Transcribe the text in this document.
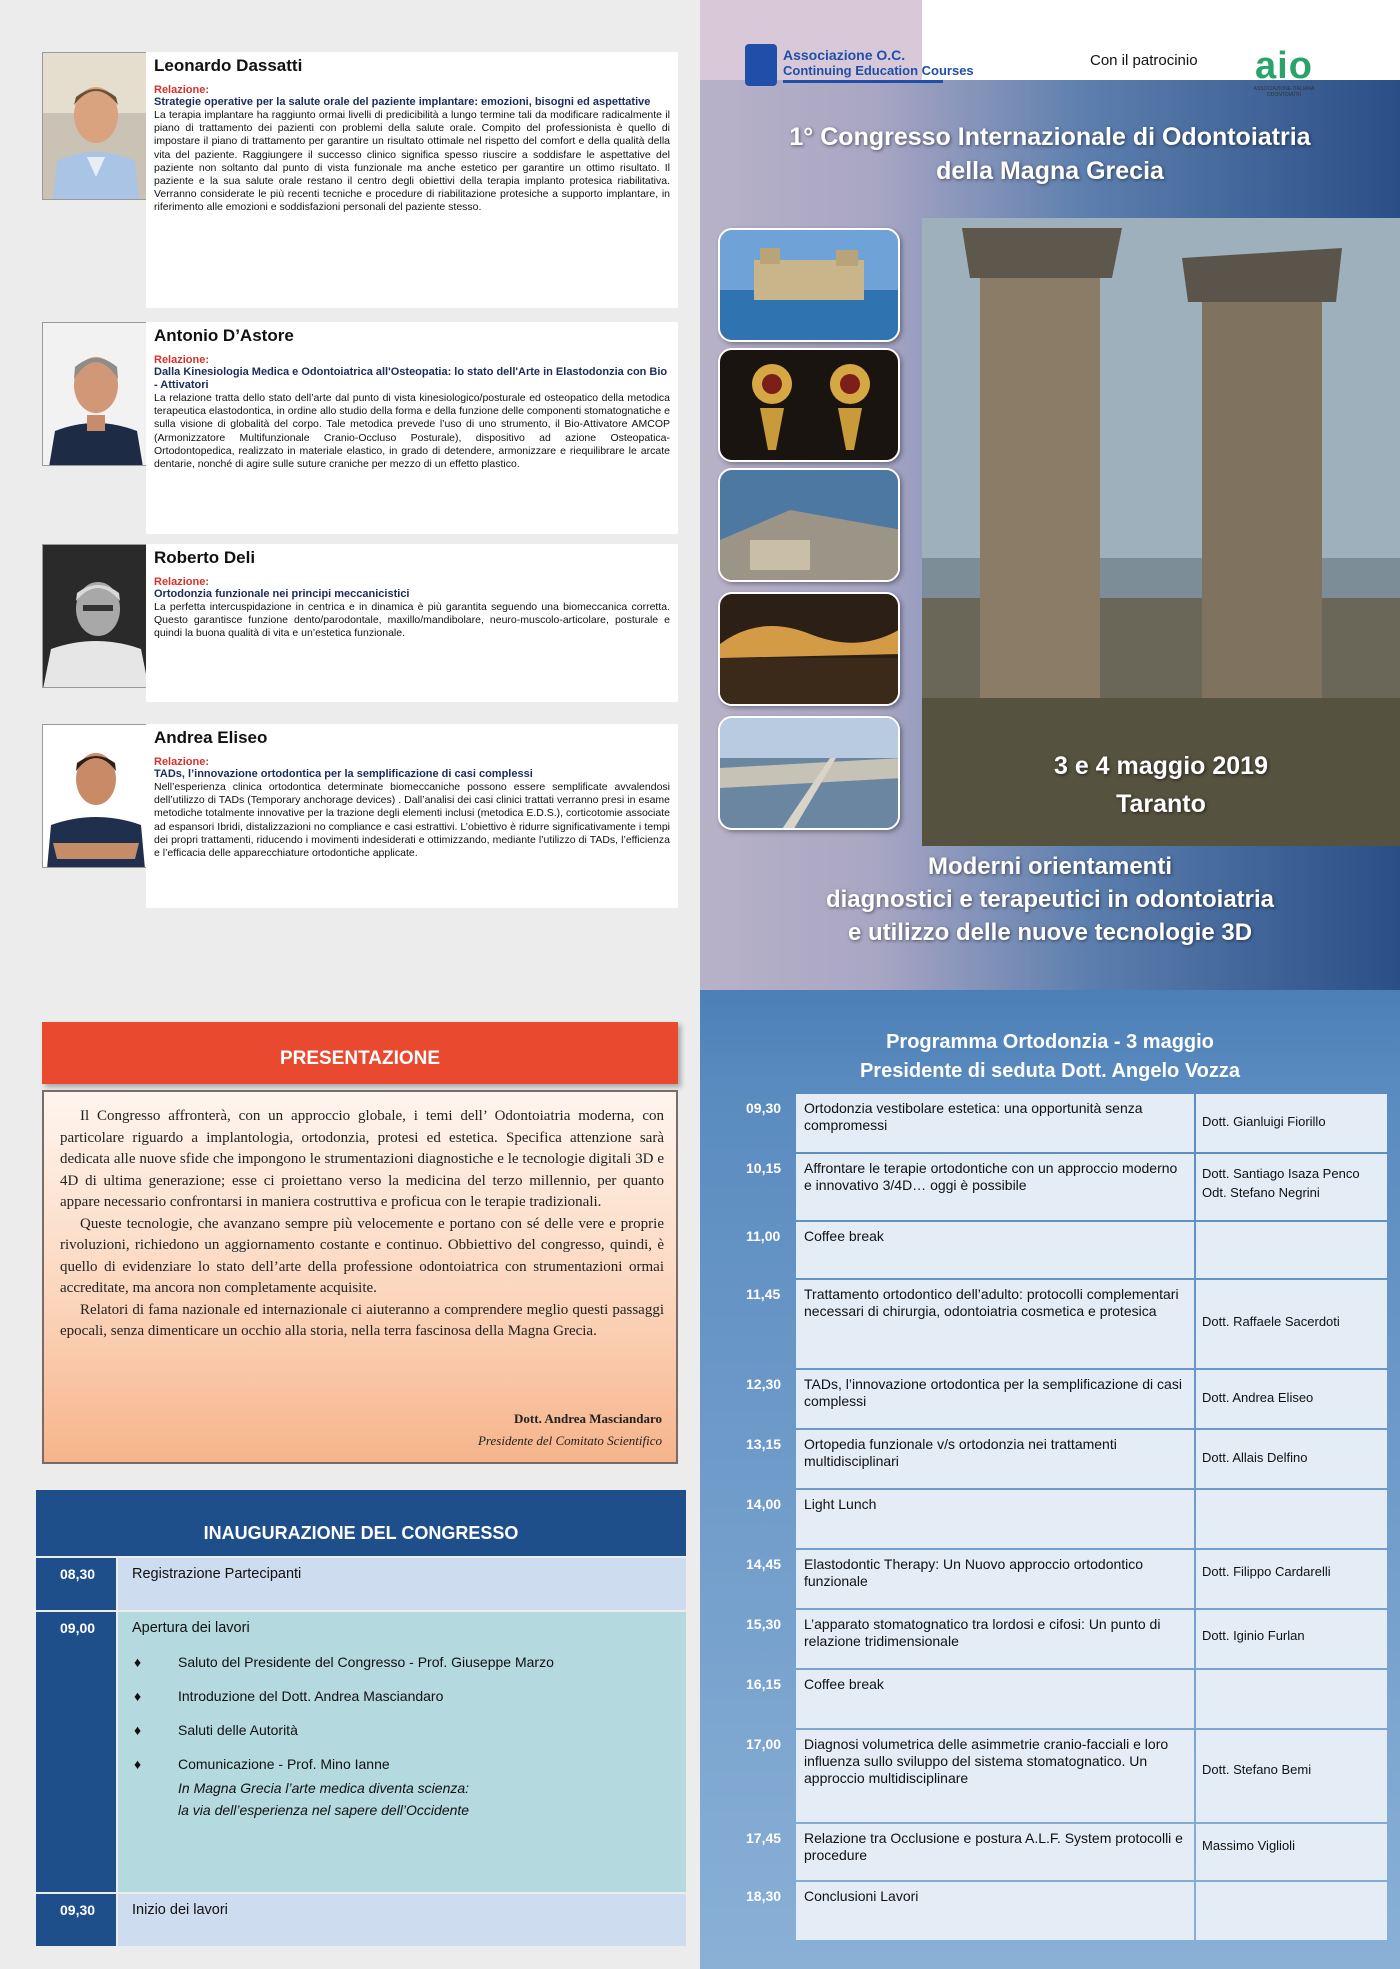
Leonardo Dassatti
Relazione:
Strategie operative per la salute orale del paziente implantare: emozioni, bisogni ed aspettative
La terapia implantare ha raggiunto ormai livelli di predicibilità a lungo termine tali da modificare radicalmente il piano di trattamento dei pazienti con problemi della salute orale. Compito del professionista è quello di impostare il piano di trattamento per garantire un risultato ottimale nel rispetto del comfort e della qualità della vita del paziente. Raggiungere il successo clinico significa spesso riuscire a soddisfare le aspettative del paziente non soltanto dal punto di vista funzionale ma anche estetico per garantire un ottimo risultato. Il paziente e la sua salute orale restano il centro degli obiettivi della terapia implanto protesica riabilitativa. Verranno considerate le più recenti tecniche e procedure di riabilitazione protesiche a supporto implantare, in riferimento alle emozioni e soddisfazioni personali del paziente stesso.
Antonio D’Astore
Relazione:
Dalla Kinesiologia Medica e Odontoiatrica all'Osteopatia: lo stato dell'Arte in Elastodonzia con Bio - Attivatori
La relazione tratta dello stato dell’arte dal punto di vista kinesiologico/posturale ed osteopatico della metodica terapeutica elastodontica, in ordine allo studio della forma e della funzione delle componenti stomatognatiche e sulla visione di globalità del corpo. Tale metodica prevede l’uso di uno strumento, il Bio-Attivatore AMCOP (Armonizzatore Multifunzionale Cranio-Occluso Posturale), dispositivo ad azione Osteopatica-Ortodontopedica, realizzato in materiale elastico, in grado di detendere, armonizzare e riequilibrare le arcate dentarie, nonché di agire sulle suture craniche per mezzo di un effetto plastico.
Roberto Deli
Relazione:
Ortodonzia funzionale nei principi meccanicistici
La perfetta intercuspidazione in centrica e in dinamica è più garantita seguendo una biomeccanica corretta. Questo garantisce funzione dento/parodontale, maxillo/mandibolare, neuro-muscolo-articolare, posturale e quindi la buona qualità di vita e un’estetica funzionale.
Andrea Eliseo
Relazione:
TADs, l’innovazione ortodontica per la semplificazione di casi complessi
Nell’esperienza clinica ortodontica determinate biomeccaniche possono essere semplificate avvalendosi dell’utilizzo di TADs (Temporary anchorage devices) . Dall’analisi dei casi clinici trattati verranno presi in esame metodiche totalmente innovative per la trazione degli elementi inclusi (metodica E.D.S.), corticotomie associate ad espansori Ibridi, distalizzazioni no compliance e casi estrattivi. L’obiettivo è ridurre significativamente i tempi dei propri trattamenti, riducendo i movimenti indesiderati e ottimizzando, mediante l’utilizzo di TADs, l’efficienza e l’efficacia delle apparecchiature ortodontiche applicate.
Associazione O.C.
Continuing Education Courses
Con il patrocinio	aio
ASSOCIAZIONE ITALIANA ODONTOIATRI
1° Congresso Internazionale di Odontoiatria
della Magna Grecia
3 e 4 maggio 2019
Taranto
Moderni orientamenti
diagnostici e terapeutici in odontoiatria
e utilizzo delle nuove tecnologie 3D
PRESENTAZIONE

Il Congresso affronterà, con un approccio globale, i temi dell’ Odontoiatria moderna, con particolare riguardo a implantologia, ortodonzia, protesi ed estetica. Specifica attenzione sarà dedicata alle nuove sfide che impongono le strumentazioni diagnostiche e le tecnologie digitali 3D e 4D di ultima generazione; esse ci proiettano verso la medicina del terzo millennio, per quanto appare necessario confrontarsi in maniera costruttiva e proficua con le terapie tradizionali.

Queste tecnologie, che avanzano sempre più velocemente e portano con sé delle vere e proprie rivoluzioni, richiedono un aggiornamento costante e continuo. Obbiettivo del congresso, quindi, è quello di evidenziare lo stato dell’arte della professione odontoiatrica con strumentazioni ormai accreditate, ma ancora non completamente acquisite.

Relatori di fama nazionale ed internazionale ci aiuteranno a comprendere meglio questi passaggi epocali, senza dimenticare un occhio alla storia, nella terra fascinosa della Magna Grecia.

Dott. Andrea Masciandaro
Presidente del Comitato Scientifico
INAUGURAZIONE DEL CONGRESSO
08,30	Registrazione Partecipanti
09,00	Apertura dei lavori
♦	Saluto del Presidente del Congresso - Prof. Giuseppe Marzo
♦	Introduzione del Dott. Andrea Masciandaro
♦	Saluti delle Autorità
♦	Comunicazione - Prof. Mino Ianne
In Magna Grecia l’arte medica diventa scienza:
la via dell’esperienza nel sapere dell’Occidente
09,30	Inizio dei lavori
Programma Ortodonzia - 3 maggio
Presidente di seduta Dott. Angelo Vozza
09,30	Ortodonzia vestibolare estetica: una opportunità senza compromessi	Dott. Gianluigi Fiorillo
10,15	Affrontare le terapie ortodontiche con un approccio moderno e innovativo 3/4D… oggi è possibile
Dott. Santiago Isaza Penco
Odt. Stefano Negrini
11,00	Coffee break
11,45	Trattamento ortodontico dell’adulto: protocolli complementari necessari di chirurgia, odontoiatria cosmetica e protesica
Dott. Raffaele Sacerdoti
12,30	TADs, l’innovazione ortodontica per la semplificazione di casi complessi	Dott. Andrea Eliseo
13,15	Ortopedia funzionale v/s ortodonzia nei trattamenti multidisciplinari	Dott. Allais Delfino
14,00	Light Lunch
14,45	Elastodontic Therapy: Un Nuovo approccio ortodontico funzionale
Dott. Filippo Cardarelli
15,30	L’apparato stomatognatico tra lordosi e cifosi: Un punto di relazione tridimensionale	Dott. Iginio Furlan
16,15	Coffee break
17,00	Diagnosi volumetrica delle asimmetrie cranio-facciali e loro influenza sullo sviluppo del sistema stomatognatico. Un approccio multidisciplinare
Dott. Stefano Bemi
17,45	Relazione tra Occlusione e postura A.L.F. System protocolli e procedure
Massimo Viglioli
18,30	Conclusioni Lavori
